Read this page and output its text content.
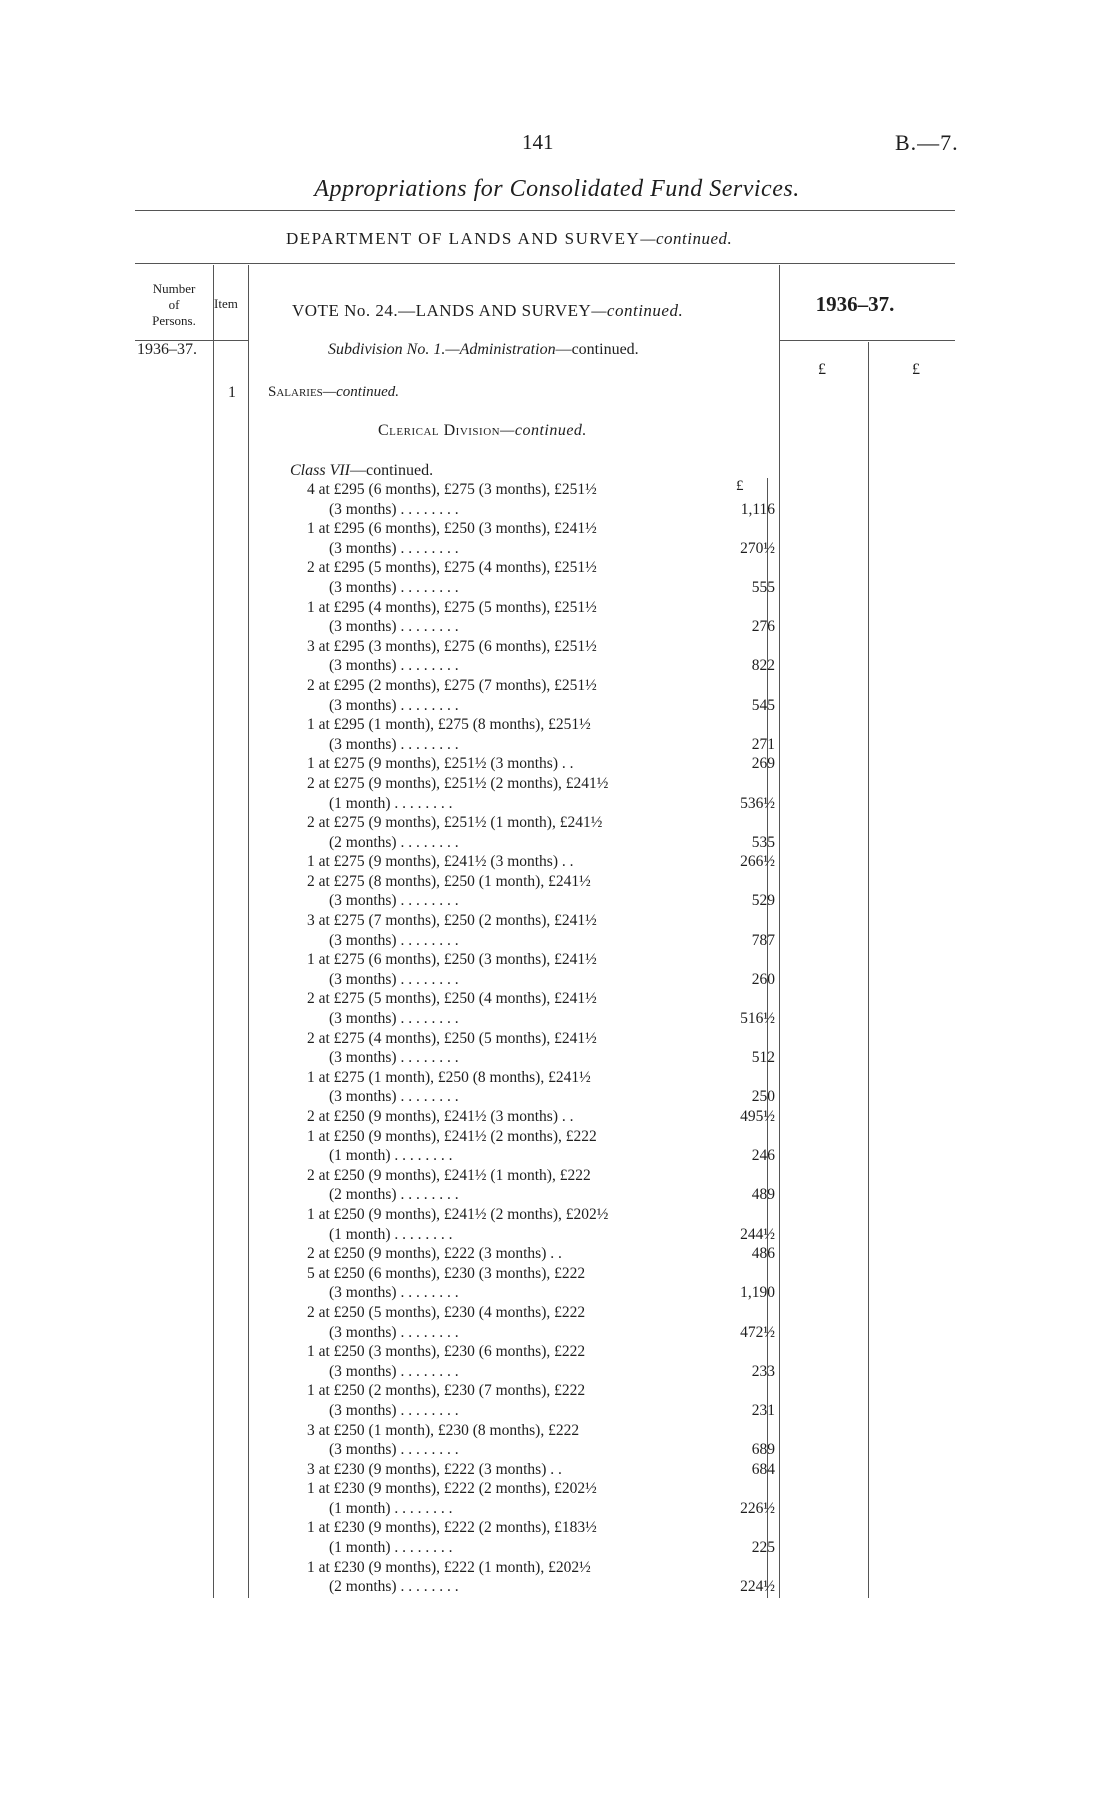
141	B.—7.
Appropriations for Consolidated Fund Services.
DEPARTMENT OF LANDS AND SURVEY—continued.
Number
of
Persons.
Item	VOTE No. 24.—LANDS AND SURVEY—continued.	1936–37.
1936–37.	Subdivision No. 1.—Administration—continued.
£	£
1 Salaries—continued.
Clerical Division—continued.
Class VII—continued.
£
4 at £295 (6 months), £275 (3 months), £251½
(3 months) . . . . . . . .	1,116
1 at £295 (6 months), £250 (3 months), £241½
(3 months) . . . . . . . .	270½
2 at £295 (5 months), £275 (4 months), £251½
(3 months) . . . . . . . .	555
1 at £295 (4 months), £275 (5 months), £251½
(3 months) . . . . . . . .	276
3 at £295 (3 months), £275 (6 months), £251½
(3 months) . . . . . . . .	822
2 at £295 (2 months), £275 (7 months), £251½
(3 months) . . . . . . . .	545
1 at £295 (1 month), £275 (8 months), £251½
(3 months) . . . . . . . .	271
1 at £275 (9 months), £251½ (3 months) . .	269
2 at £275 (9 months), £251½ (2 months), £241½
(1 month) . . . . . . . .	536½
2 at £275 (9 months), £251½ (1 month), £241½
(2 months) . . . . . . . .	535
1 at £275 (9 months), £241½ (3 months) . .	266½
2 at £275 (8 months), £250 (1 month), £241½
(3 months) . . . . . . . .	529
3 at £275 (7 months), £250 (2 months), £241½
(3 months) . . . . . . . .	787
1 at £275 (6 months), £250 (3 months), £241½
(3 months) . . . . . . . .	260
2 at £275 (5 months), £250 (4 months), £241½
(3 months) . . . . . . . .	516½
2 at £275 (4 months), £250 (5 months), £241½
(3 months) . . . . . . . .	512
1 at £275 (1 month), £250 (8 months), £241½
(3 months) . . . . . . . .	250
2 at £250 (9 months), £241½ (3 months) . .	495½
1 at £250 (9 months), £241½ (2 months), £222
(1 month) . . . . . . . .	246
2 at £250 (9 months), £241½ (1 month), £222
(2 months) . . . . . . . .	489
1 at £250 (9 months), £241½ (2 months), £202½
(1 month) . . . . . . . .	244½
2 at £250 (9 months), £222 (3 months) . .	486
5 at £250 (6 months), £230 (3 months), £222
(3 months) . . . . . . . .	1,190
2 at £250 (5 months), £230 (4 months), £222
(3 months) . . . . . . . .	472½
1 at £250 (3 months), £230 (6 months), £222
(3 months) . . . . . . . .	233
1 at £250 (2 months), £230 (7 months), £222
(3 months) . . . . . . . .	231
3 at £250 (1 month), £230 (8 months), £222
(3 months) . . . . . . . .	689
3 at £230 (9 months), £222 (3 months) . .	684
1 at £230 (9 months), £222 (2 months), £202½
(1 month) . . . . . . . .	226½
1 at £230 (9 months), £222 (2 months), £183½
(1 month) . . . . . . . .	225
1 at £230 (9 months), £222 (1 month), £202½
(2 months) . . . . . . . .	224½
